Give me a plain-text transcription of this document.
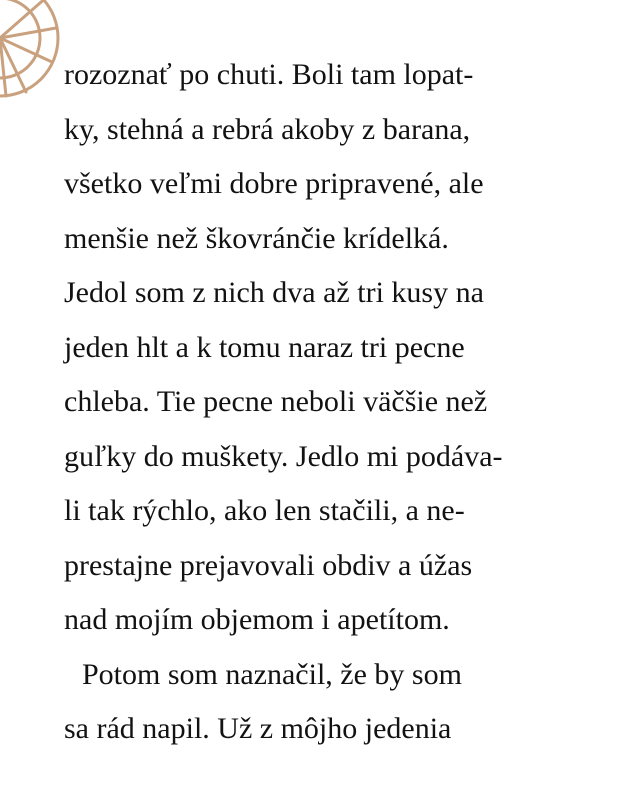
rozoznať po chuti. Boli tam lopat-
ky, stehná a rebrá akoby z barana,
všetko veľmi dobre pripravené, ale
menšie než škovránčie krídelká.
Jedol som z nich dva až tri kusy na
jeden hlt a k tomu naraz tri pecne
chleba. Tie pecne neboli väčšie než
guľky do muškety. Jedlo mi podáva-
li tak rýchlo, ako len stačili, a ne-
prestajne prejavovali obdiv a úžas
nad mojím objemom i apetítom.
Potom som naznačil, že by som
sa rád napil. Už z môjho jedenia
